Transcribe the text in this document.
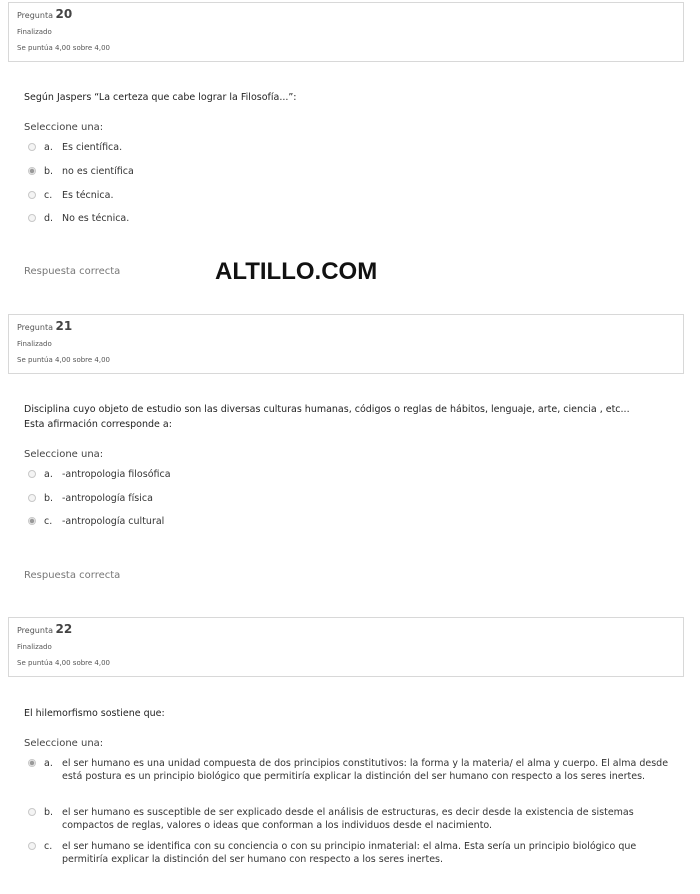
Pregunta 20
Finalizado
Se puntúa 4,00 sobre 4,00
Según Jaspers “La certeza que cabe lograr la Filosofía...”:
Seleccione una:
a. Es científica.
b. no es científica
c.	Es técnica.
d. No es técnica.
Respuesta correcta	ALTILLO.COM
Pregunta 21
Finalizado
Se puntúa 4,00 sobre 4,00
Disciplina cuyo objeto de estudio son las diversas culturas humanas, códigos o reglas de hábitos, lenguaje, arte, ciencia , etc...
Esta afirmación corresponde a:
Seleccione una:
a. -antropologia filosófica
b. -antropología física
c.	-antropología cultural
Respuesta correcta
Pregunta 22
Finalizado
Se puntúa 4,00 sobre 4,00
El hilemorfismo sostiene que:
Seleccione una:
a. el ser humano es una unidad compuesta de dos principios constitutivos: la forma y la materia/ el alma y cuerpo. El alma desde está postura es un principio biológico que permitiría explicar la distinción del ser humano con respecto a los seres inertes.
b. el ser humano es susceptible de ser explicado desde el análisis de estructuras, es decir desde la existencia de sistemas compactos de reglas, valores o ideas que conforman a los individuos desde el nacimiento.
c.	el ser humano se identifica con su conciencia o con su principio inmaterial: el alma. Esta sería un principio biológico que permitiría explicar la distinción del ser humano con respecto a los seres inertes.
